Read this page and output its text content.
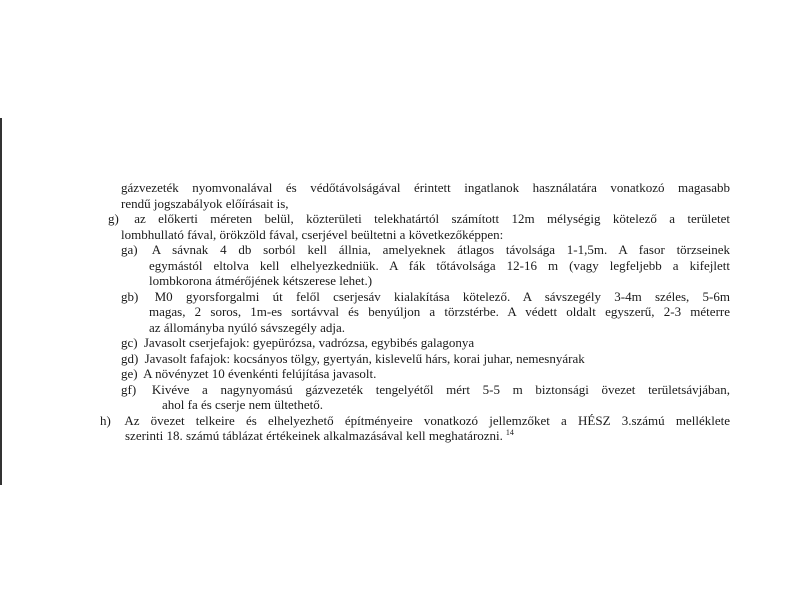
gázvezeték nyomvonalával és védőtávolságával érintett ingatlanok használatára vonatkozó magasabb
rendű jogszabályok előírásait is,
g) az előkerti méreten belül, közterületi telekhatártól számított 12m mélységig kötelező a területet
lombhullató fával, örökzöld fával, cserjével beültetni a következőképpen:
ga) A sávnak 4 db sorból kell állnia, amelyeknek átlagos távolsága 1-1,5m. A fasor törzseinek
egymástól eltolva kell elhelyezkedniük. A fák tőtávolsága 12-16 m (vagy legfeljebb a kifejlett
lombkorona átmérőjének kétszerese lehet.)
gb) M0 gyorsforgalmi út felől cserjesáv kialakítása kötelező. A sávszegély 3-4m széles, 5-6m
magas, 2 soros, 1m-es sortávval és benyúljon a törzstérbe. A védett oldalt egyszerű, 2-3 méterre
az állományba nyúló sávszegély adja.
gc) Javasolt cserjefajok: gyepürózsa, vadrózsa, egybibés galagonya
gd) Javasolt fafajok: kocsányos tölgy, gyertyán, kislevelű hárs, korai juhar, nemesnyárak
ge) A növényzet 10 évenkénti felújítása javasolt.
gf) Kivéve a nagynyomású gázvezeték tengelyétől mért 5-5 m biztonsági övezet területsávjában,
ahol fa és cserje nem ültethető.
h) Az övezet telkeire és elhelyezhető építményeire vonatkozó jellemzőket a HÉSZ 3.számú melléklete
szerinti 18. számú táblázat értékeinek alkalmazásával kell meghatározni. $^{14}$
